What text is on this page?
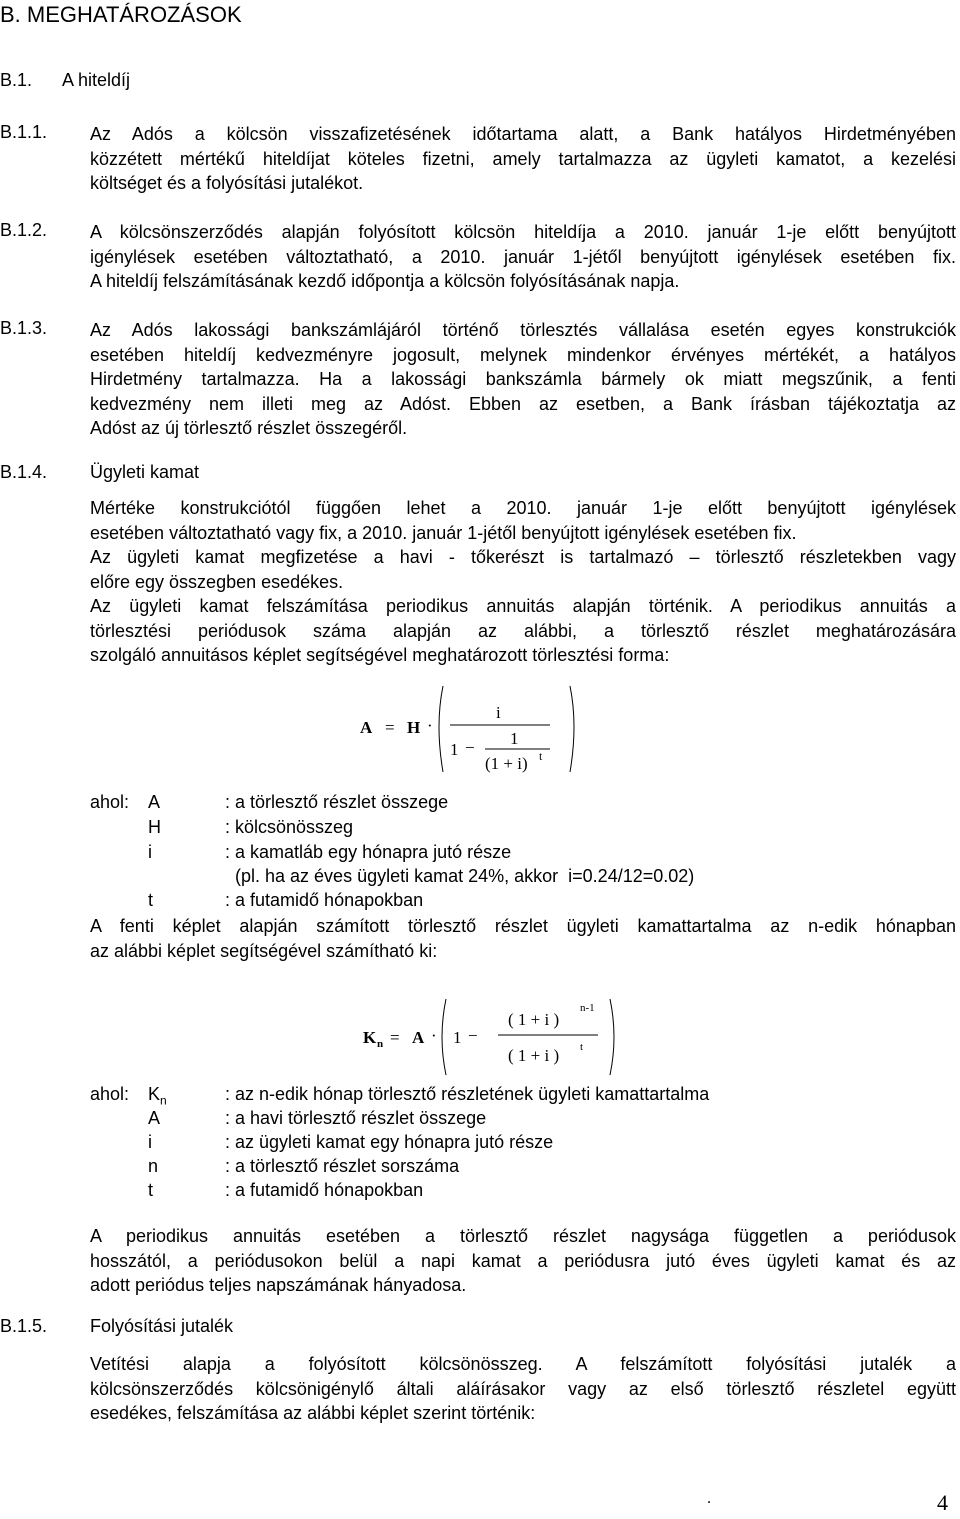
B. MEGHATÁROZÁSOK
B.1.	A hiteldíj
B.1.1.	Az Adós a kölcsön visszafizetésének időtartama alatt, a Bank hatályos Hirdetményében
közzétett mértékű hiteldíjat köteles fizetni, amely tartalmazza az ügyleti kamatot, a kezelési
költséget és a folyósítási jutalékot.
B.1.2.	A kölcsönszerződés alapján folyósított kölcsön hiteldíja a 2010. január 1-je előtt benyújtott
igénylések esetében változtatható, a 2010. január 1-jétől benyújtott igénylések esetében fix.
A hiteldíj felszámításának kezdő időpontja a kölcsön folyósításának napja.
B.1.3.	Az Adós lakossági bankszámlájáról történő törlesztés vállalása esetén egyes konstrukciók
esetében hiteldíj kedvezményre jogosult, melynek mindenkor érvényes mértékét, a hatályos
Hirdetmény tartalmazza. Ha a lakossági bankszámla bármely ok miatt megszűnik, a fenti
kedvezmény nem illeti meg az Adóst. Ebben az esetben, a Bank írásban tájékoztatja az
Adóst az új törlesztő részlet összegéről.
B.1.4.	Ügyleti kamat
Mértéke konstrukciótól függően lehet a 2010. január 1-je előtt benyújtott igénylések
esetében változtatható vagy fix, a 2010. január 1-jétől benyújtott igénylések esetében fix.
Az ügyleti kamat megfizetése a havi - tőkerészt is tartalmazó – törlesztő részletekben vagy
előre egy összegben esedékes.
Az ügyleti kamat felszámítása periodikus annuitás alapján történik. A periodikus annuitás a
törlesztési periódusok száma alapján az alábbi, a törlesztő részlet meghatározására
szolgáló annuitásos képlet segítségével meghatározott törlesztési forma:
A = H ·
i
1 − 1
(1 + i) t
ahol: A	: a törlesztő részlet összege
H	: kölcsönösszeg
i	: a kamatláb egy hónapra jutó része
(pl. ha az éves ügyleti kamat 24%, akkor  i=0.24/12=0.02)
t	: a futamidő hónapokban
A fenti képlet alapján számított törlesztő részlet ügyleti kamattartalma az n-edik hónapban
az alábbi képlet segítségével számítható ki:
K n = A · 1 −
( 1 + i )
n-1
( 1 + i ) t
ahol: $K_n$	: az n-edik hónap törlesztő részletének ügyleti kamattartalma
A	: a havi törlesztő részlet összege
i	: az ügyleti kamat egy hónapra jutó része
n	: a törlesztő részlet sorszáma
t	: a futamidő hónapokban
A periodikus annuitás esetében a törlesztő részlet nagysága független a periódusok
hosszától, a periódusokon belül a napi kamat a periódusra jutó éves ügyleti kamat és az
adott periódus teljes napszámának hányadosa.
B.1.5.	Folyósítási jutalék
Vetítési alapja a folyósított kölcsönösszeg. A felszámított folyósítási jutalék a
kölcsönszerződés kölcsönigénylő általi aláírásakor vagy az első törlesztő részletel együtt
esedékes, felszámítása az alábbi képlet szerint történik:
.	4
